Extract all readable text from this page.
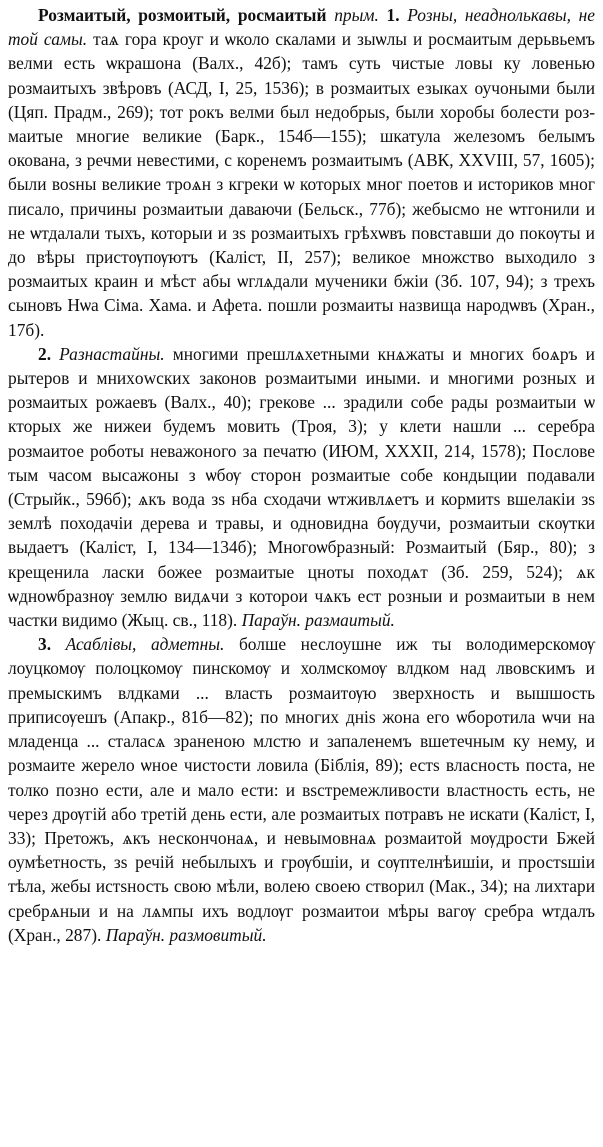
Розмаитый, розмоитый, росмаитый прым. 1. Розны, неаднолькавы, не той самы. таѧ гора кроуг и ѡколо скалами и зыѡлы и росмаитым дерьвьемъ велми есть ѡкрашона (Валх., 42б); тамъ суть чистые ловы ку ловенью розмаитыхъ звѣровъ (АСД, I, 25, 1536); в розмаитых езыках оучоными были (Цяп. Прадм., 269); тот рокъ велми был недобрыѕ, были хоробы болести розмаитые многие великие (Барк., 154б—155); шкатула железомъ белымъ окована, з речми невестими, с коренемъ розмаитымъ (АВК, XXVIII, 57, 1605); были воѕны великие троѧн з кгреки ѡ которых мног поетов и историков мног писало, причины розмаитыи даваючи (Бельск., 77б); жебысмо не ѡтгонили и не ѡтдалали тыхъ, которыи и зѕ розмаитыхъ грѣхѡвъ повставши до покѹты и до вѣры пристѹпѹютъ (Каліст, II, 257); великое множство выходило з розмаитых краин и мѣст абы ѡглѧдали мученики бжіи (Зб. 107, 94); з трехъ сыновъ Нѡа Сіма. Хама. и Афета. пошли розмаиты назвища народѡвъ (Хран., 17б).

2. Разнастайны. многими прешлѧхетными кнѧжаты и многих боѧръ и рытеров и мнихowских законов розмаитыми иными. и многими розных и розмаитых рожаевъ (Валх., 40); грекове ... зрадили собе рады розмаитыи ѡ кторых же нижеи будемъ мовить (Троя, 3); у клети нашли ... серебра розмаитое роботы неважоного за печатю (ИЮМ, XXXII, 214, 1578); Послове тым часом высажоны з ѡбѹ сторон розмаитые собе кондыции подавали (Стрыйк., 596б); ѧкъ вода зѕ нба сходачи ѡтживлѧетъ и кормитѕ вшелакіи зѕ землѣ походачіи дерева и травы, и одновидна бѹдучи, розмаитыи скѹтки выдаетъ (Каліст, I, 134—134б); Многоѡбразный: Розмаитый (Бяр., 80); з крещенила ласки божее розмаитые цноты походѧт (Зб. 259, 524); ѧк ѡдноѡбразнѹ землю видѧчи з которои чѧкъ ест розныи и розмаитыи в нем частки видимо (Жыц. св., 118). Параўн. размаитый.

3. Асаблівы, адметны. болше неслоушне иж ты володимерскомѹ лоуцкомѹ полоцкомѹ пинскомѹ и холмскомѹ влдком над лвовскимъ и премыскимъ влдками ... власть розмаитѹю зверхность и вышшость приписѹешъ (Апакр., 81б—82); по многих днiѕ жона его ѡборотила ѡчи на младенца ... сталасѧ зраненою млстю и запаленемъ вшетечным ку нему, и розмаите жерело ѡное чистости ловила (Біблія, 89); естѕ власность поста, не толко позно ести, але и мало ести: и вѕстремежливости властность есть, не через дрѹгій або третій день ести, але розмаитых потравъ не искати (Каліст, I, 33); Претожъ, ѧкъ нескончонаѧ, и невымовнаѧ розмаитой мѹдрости Бжей оумѣетность, зѕ речій небылыхъ и грѹбшіи, и сѹптелнѣишіи, и простѕшіи тѣла, жебы истѕность свою мѣли, волею своею створил (Мак., 34); на лихтари сребрѧныи и на лѧмпы ихъ водлѹг розмаитои мѣры вагѹ сребра ѡтдалъ (Хран., 287). Параўн. размовитый.
